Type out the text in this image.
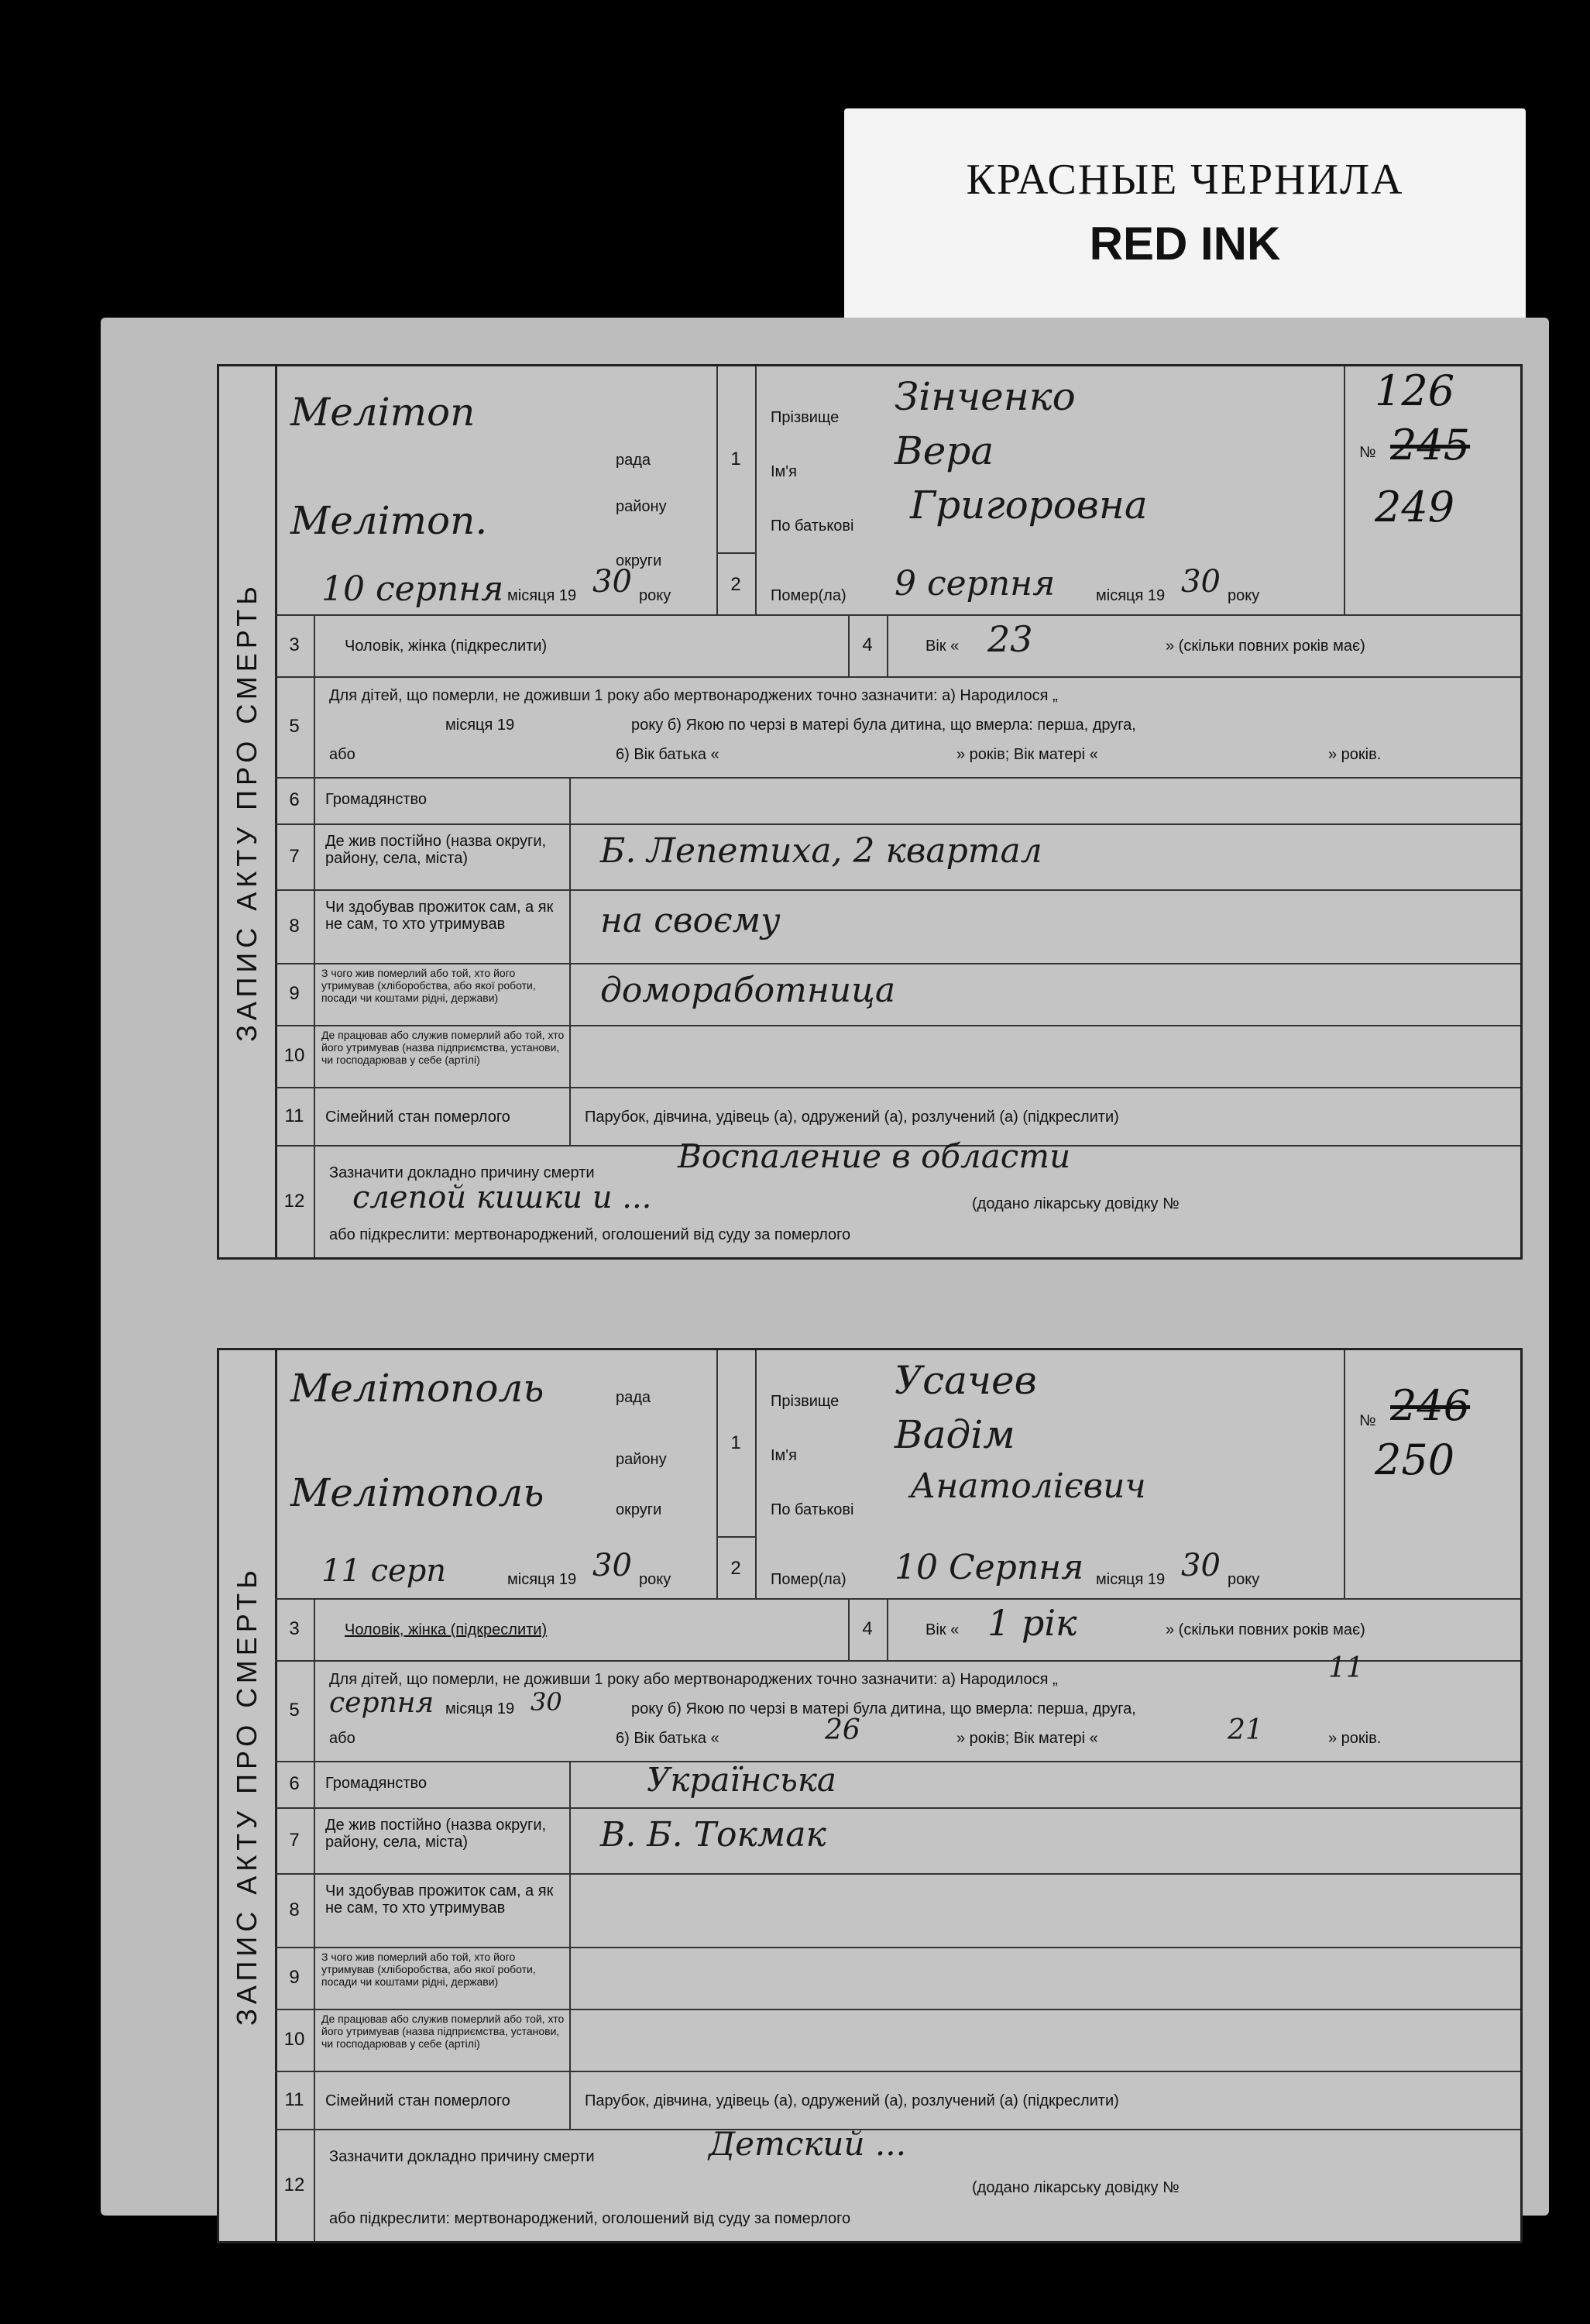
КРАСНЫЕ ЧЕРНИЛА
RED INK
ЗАПИС АКТУ ПРО СМЕРТЬ
Мелітоп
рада
району
Мелітоп.
округи
1
Прізвище Зінченко
Ім'я	Вера
По батькові Григоровна
126
№ 245
249
10 серпня місяця 19 30 року
2
Помер(ла) 9 серпня	місяця 19 30 року
3	Чоловік, жінка (підкреслити)	4	Вік « 23	» (скільки повних років має)
5
Для дітей, що померли, не доживши 1 року або мертвонароджених точно зазначити: а) Народилося „
місяця 19	року б) Якою по черзі в матері була дитина, що вмерла: перша, друга,
або	6) Вік батька «	» років; Вік матері «	» років.
6	Громадянство
7
Де жив постійно (назва округи, району, села, міста)	Б. Лепетиха, 2 квартал
8
Чи здобував прожиток сам, а як не сам, то хто утримував	на своєму
9
З чого жив померлий або той, хто його утримував (хліборобства, або якої роботи, посади чи коштами рідні, держави)	домоработница
10
Де працював або служив померлий або той, хто його утримував (назва підприємства, установи, чи господарював у себе (артілі)
11	Сімейний стан померлого	Парубок, дівчина, удівець (а), одружений (а), розлучений (а) (підкреслити)
12
Зазначити докладно причину смерти	Воспаление в области
слепой кишки и ...	(додано лікарську довідку №
або підкреслити: мертвонароджений, оголошений від суду за померлого
ЗАПИС АКТУ ПРО СМЕРТЬ
Мелітополь	рада
району
Мелітополь	округи
1
Прізвище Усачев
Ім'я	Вадім
По батькові
Анатолієвич
№ 246
250
11 серп	місяця 19 30 року
2
Помер(ла) 10 Серпня місяця 19 30 року
3	Чоловік, жінка (підкреслити)	4	Вік « 1 рік	» (скільки повних років має)
5
Для дітей, що померли, не доживши 1 року або мертвонароджених точно зазначити: а) Народилося „	11
серпня місяця 19 30	року б) Якою по черзі в матері була дитина, що вмерла: перша, друга,
або	6) Вік батька «	26	» років; Вік матері «	21	» років.
6	Громадянство	Українська
7
Де жив постійно (назва округи, району, села, міста)	В. Б. Токмак
8
Чи здобував прожиток сам, а як не сам, то хто утримував
9
З чого жив померлий або той, хто його утримував (хліборобства, або якої роботи, посади чи коштами рідні, держави)
10
Де працював або служив померлий або той, хто його утримував (назва підприємства, установи, чи господарював у себе (артілі)
11	Сімейний стан померлого	Парубок, дівчина, удівець (а), одружений (а), розлучений (а) (підкреслити)
12
Зазначити докладно причину смерти	Детский ...
(додано лікарську довідку №
або підкреслити: мертвонароджений, оголошений від суду за померлого
